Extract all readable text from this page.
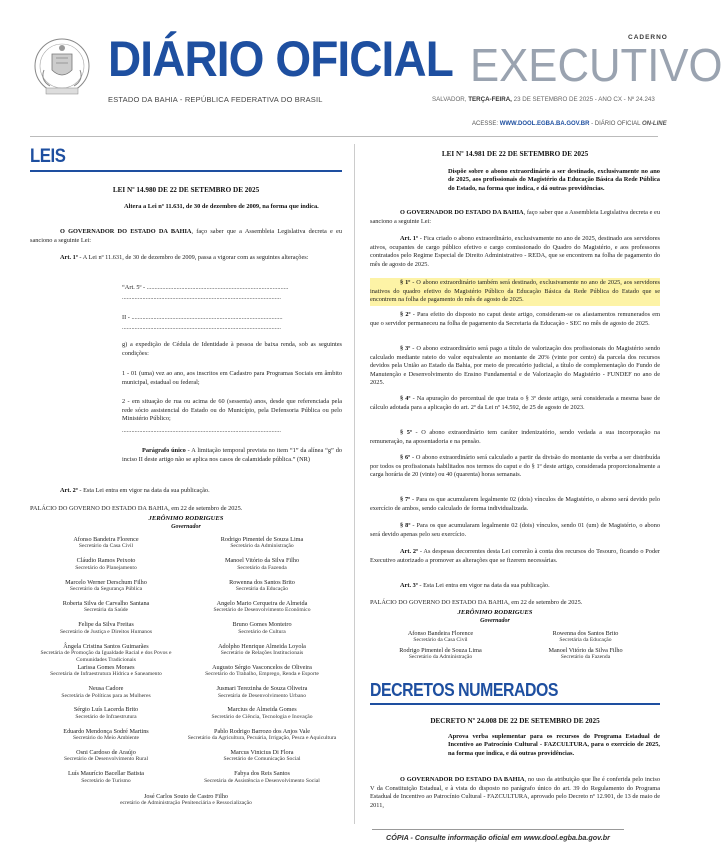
DIÁRIO OFICIAL
ESTADO DA BAHIA - REPÚBLICA FEDERATIVA DO BRASIL
CADERNO
EXECUTIVO
SALVADOR, TERÇA-FEIRA, 23 DE SETEMBRO DE 2025 - ANO CX - Nº 24.243
ACESSE: WWW.DOOL.EGBA.BA.GOV.BR - DIÁRIO OFICIAL ON-LINE
LEIS
LEI Nº 14.980 DE 22 DE SETEMBRO DE 2025
Altera a Lei nº 11.631, de 30 de dezembro de 2009, na forma que indica.
O GOVERNADOR DO ESTADO DA BAHIA, faço saber que a Assembleia Legislativa decreta e eu sanciono a seguinte Lei:
Art. 1º - A Lei nº 11.631, de 30 de dezembro de 2009, passa a vigorar com as seguintes alterações:
“Art. 5º - ..........................................................................................
.....................................................................................................
II - ................................................................................................
.....................................................................................................
g) a expedição de Cédula de Identidade à pessoa de baixa renda, sob as seguintes condições:
1 - 01 (uma) vez ao ano, aos inscritos em Cadastro para Programas Sociais em âmbito municipal, estadual ou federal;
2 - em situação de rua ou acima de 60 (sessenta) anos, desde que referenciada pela rede sócio assistencial do Estado ou do Município, pela Defensoria Pública ou pelo Ministério Público;
.....................................................................................................
Parágrafo único - A limitação temporal prevista no item “1” da alínea “g” do inciso II deste artigo não se aplica nos casos de calamidade pública.” (NR)
Art. 2º - Esta Lei entra em vigor na data da sua publicação.
PALÁCIO DO GOVERNO DO ESTADO DA BAHIA, em 22 de setembro de 2025.
JERÔNIMO RODRIGUES
Governador
Afonso Bandeira Florence
Secretário da Casa Civil
Rodrigo Pimentel de Souza Lima
Secretário da Administração
Cláudio Ramos Peixoto
Secretário do Planejamento
Manoel Vitório da Silva Filho
Secretário da Fazenda
Marcelo Werner Derschum Filho
Secretário da Segurança Pública
Rowenna dos Santos Brito
Secretária da Educação
Roberta Silva de Carvalho Santana
Secretária da Saúde
Angelo Mario Cerqueira de Almeida
Secretário de Desenvolvimento Econômico
Felipe da Silva Freitas
Secretário de Justiça e Direitos Humanos
Bruno Gomes Monteiro
Secretário de Cultura
Ângela Cristina Santos Guimarães
Secretária de Promoção da Igualdade Racial e dos Povos e Comunidades Tradicionais
Adolpho Henrique Almeida Loyola
Secretário de Relações Institucionais
Larissa Gomes Moraes
Secretária de Infraestrutura Hídrica e Saneamento
Augusto Sérgio Vasconcelos de Oliveira
Secretário do Trabalho, Emprego, Renda e Esporte
Neusa Cadore
Secretária de Políticas para as Mulheres
Jusmari Terezinha de Souza Oliveira
Secretária de Desenvolvimento Urbano
Sérgio Luís Lacerda Brito
Secretário de Infraestrutura
Marcius de Almeida Gomes
Secretário de Ciência, Tecnologia e Inovação
Eduardo Mendonça Sodré Martins
Secretário do Meio Ambiente
Pablo Rodrigo Barrozo dos Anjos Vale
Secretário da Agricultura, Pecuária, Irrigação, Pesca e Aquicultura
Osni Cardoso de Araújo
Secretário de Desenvolvimento Rural
Marcus Vinicius Di Flora
Secretário de Comunicação Social
Luís Maurício Bacellar Batista
Secretário de Turismo
Fabya dos Reis Santos
Secretária de Assistência e Desenvolvimento Social
José Carlos Souto de Castro Filho
ecretário de Administração Penitenciária e Ressocialização
LEI Nº 14.981 DE 22 DE SETEMBRO DE 2025
Dispõe sobre o abono extraordinário a ser destinado, exclusivamente no ano de 2025, aos profissionais do Magistério da Educação Básica da Rede Pública do Estado, na forma que indica, e dá outras providências.
O GOVERNADOR DO ESTADO DA BAHIA, faço saber que a Assembleia Legislativa decreta e eu sanciono a seguinte Lei:
Art. 1º - Fica criado o abono extraordinário, exclusivamente no ano de 2025, destinado aos servidores ativos, ocupantes de cargo público efetivo e cargo comissionado do Quadro do Magistério, e aos professores contratados pelo Regime Especial de Direito Administrativo - REDA, que se encontrem na folha de pagamento do mês de agosto de 2025.
§ 1º - O abono extraordinário também será destinado, exclusivamente no ano de 2025, aos servidores inativos do quadro efetivo do Magistério Público da Educação Básica da Rede Pública do Estado que se encontrem na folha de pagamento do mês de agosto de 2025.
§ 2º - Para efeito do disposto no caput deste artigo, consideram-se os afastamentos remunerados em que o servidor permaneceu na folha de pagamento da Secretaria da Educação - SEC no mês de agosto de 2025.
§ 3º - O abono extraordinário será pago a título de valorização dos profissionais do Magistério sendo calculado mediante rateio do valor equivalente ao montante de 20% (vinte por cento) da parcela dos recursos devidos pela União ao Estado da Bahia, por meio de precatório judicial, a título de complementação do Fundo de Manutenção e Desenvolvimento do Ensino Fundamental e de Valorização do Magistério - FUNDEF no ano de 2025.
§ 4º - Na apuração do percentual de que trata o § 3º deste artigo, será considerada a mesma base de cálculo adotada para a aplicação do art. 2º da Lei nº 14.592, de 25 de agosto de 2023.
§ 5º - O abono extraordinário tem caráter indenizatório, sendo vedada a sua incorporação na remuneração, na aposentadoria e na pensão.
§ 6º - O abono extraordinário será calculado a partir da divisão do montante da verba a ser distribuída por todos os profissionais habilitados nos termos do caput e do § 1º deste artigo, considerada proporcionalmente a carga horária de 20 (vinte) ou 40 (quarenta) horas semanais.
§ 7º - Para os que acumularem legalmente 02 (dois) vínculos de Magistério, o abono será devido pelo exercício de ambos, sendo calculado de forma individualizada.
§ 8º - Para os que acumularam legalmente 02 (dois) vínculos, sendo 01 (um) de Magistério, o abono será devido apenas pelo seu exercício.
Art. 2º - As despesas decorrentes desta Lei correrão à conta dos recursos do Tesouro, ficando o Poder Executivo autorizado a promover as alterações que se fizerem necessárias.
Art. 3º - Esta Lei entra em vigor na data da sua publicação.
PALÁCIO DO GOVERNO DO ESTADO DA BAHIA, em 22 de setembro de 2025.
JERÔNIMO RODRIGUES
Governador
Afonso Bandeira Florence
Secretário da Casa Civil
Rowenna dos Santos Brito
Secretária da Educação
Rodrigo Pimentel de Souza Lima
Secretário da Administração
Manoel Vitório da Silva Filho
Secretário da Fazenda
DECRETOS NUMERADOS
DECRETO Nº 24.008 DE 22 DE SETEMBRO DE 2025
Aprova verba suplementar para os recursos do Programa Estadual de Incentivo ao Patrocínio Cultural - FAZCULTURA, para o exercício de 2025, na forma que indica, e dá outras providências.
O GOVERNADOR DO ESTADO DA BAHIA, no uso da atribuição que lhe é conferida pelo inciso V da Constituição Estadual, e à vista do disposto no parágrafo único do art. 39 do Regulamento do Programa Estadual de Incentivo ao Patrocínio Cultural - FAZCULTURA, aprovado pelo Decreto nº 12.901, de 13 de maio de 2011,
CÓPIA - Consulte informação oficial em www.dool.egba.ba.gov.br
